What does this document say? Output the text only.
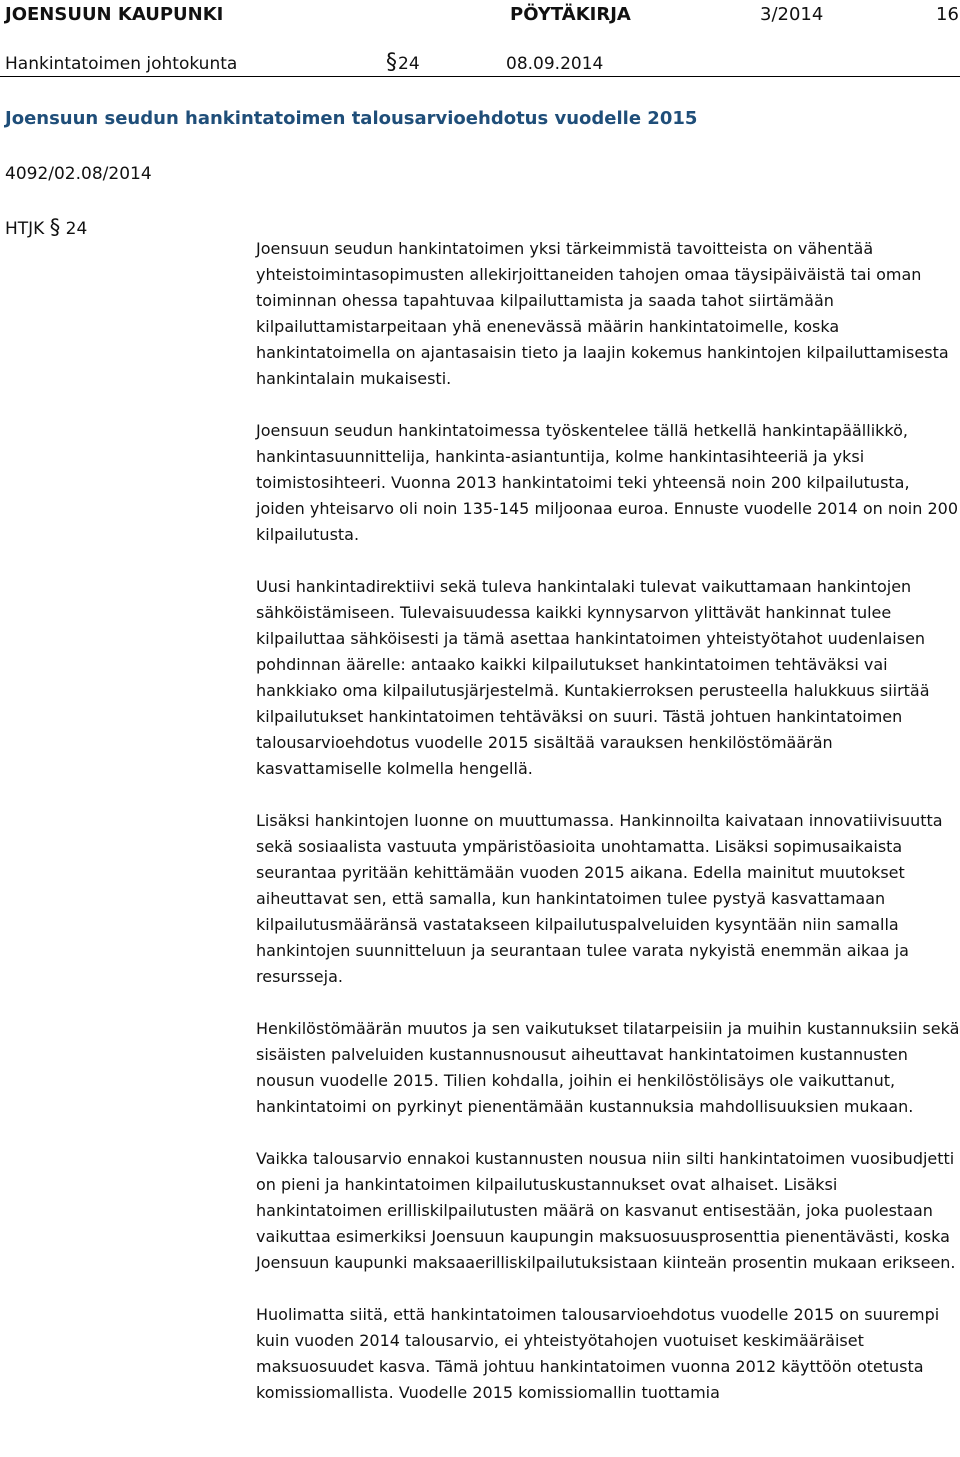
JOENSUUN KAUPUNKI	PÖYTÄKIRJA	3/2014	16
Hankintatoimen johtokunta	§ 24	08.09.2014
Joensuun seudun hankintatoimen talousarvioehdotus vuodelle 2015
4092/02.08/2014
HTJK § 24

Joensuun seudun hankintatoimen yksi tärkeimmistä tavoitteista on vähentää yhteistoimintasopimusten allekirjoittaneiden tahojen omaa täysipäiväistä tai oman toiminnan ohessa tapahtuvaa kilpailuttamista ja saada tahot siirtämään kilpailuttamistarpeitaan yhä enenevässä määrin hankintatoimelle, koska hankintatoimella on ajantasaisin tieto ja laajin kokemus hankintojen kilpailuttamisesta hankintalain mukaisesti.

Joensuun seudun hankintatoimessa työskentelee tällä hetkellä hankintapäällikkö, hankintasuunnittelija, hankinta-asiantuntija, kolme hankintasihteeriä ja yksi toimistosihteeri. Vuonna 2013 hankintatoimi teki yhteensä noin 200 kilpailutusta, joiden yhteisarvo oli noin 135-145 miljoonaa euroa. Ennuste vuodelle 2014 on noin 200 kilpailutusta.

Uusi hankintadirektiivi sekä tuleva hankintalaki tulevat vaikuttamaan hankintojen sähköistämiseen. Tulevaisuudessa kaikki kynnysarvon ylittävät hankinnat tulee kilpailuttaa sähköisesti ja tämä asettaa hankintatoimen yhteistyötahot uudenlaisen pohdinnan äärelle: antaako kaikki kilpailutukset hankintatoimen tehtäväksi vai hankkiako oma kilpailutusjärjestelmä. Kuntakierroksen perusteella halukkuus siirtää kilpailutukset hankintatoimen tehtäväksi on suuri. Tästä johtuen hankintatoimen talousarvioehdotus vuodelle 2015 sisältää varauksen henkilöstömäärän kasvattamiselle kolmella hengellä.

Lisäksi hankintojen luonne on muuttumassa. Hankinnoilta kaivataan innovatiivisuutta sekä sosiaalista vastuuta ympäristöasioita unohtamatta. Lisäksi sopimusaikaista seurantaa pyritään kehittämään vuoden 2015 aikana. Edella mainitut muutokset aiheuttavat sen, että samalla, kun hankintatoimen tulee pystyä kasvattamaan kilpailutusmääränsä vastatakseen kilpailutuspalveluiden kysyntään niin samalla hankintojen suunnitteluun ja seurantaan tulee varata nykyistä enemmän aikaa ja resursseja.

Henkilöstömäärän muutos ja sen vaikutukset tilatarpeisiin ja muihin kustannuksiin sekä sisäisten palveluiden kustannusnousut aiheuttavat hankintatoimen kustannusten nousun vuodelle 2015. Tilien kohdalla, joihin ei henkilöstölisäys ole vaikuttanut, hankintatoimi on pyrkinyt pienentämään kustannuksia mahdollisuuksien mukaan.

Vaikka talousarvio ennakoi kustannusten nousua niin silti hankintatoimen vuosibudjetti on pieni ja hankintatoimen kilpailutuskustannukset ovat alhaiset. Lisäksi hankintatoimen erilliskilpailutusten määrä on kasvanut entisestään, joka puolestaan vaikuttaa esimerkiksi Joensuun kaupungin maksuosuusprosenttia pienentävästi, koska Joensuun kaupunki maksaaerilliskilpailutuksistaan kiinteän prosentin mukaan erikseen.

Huolimatta siitä, että hankintatoimen talousarvioehdotus vuodelle 2015 on suurempi kuin vuoden 2014 talousarvio, ei yhteistyötahojen vuotuiset keskimääräiset maksuosuudet kasva. Tämä johtuu hankintatoimen vuonna 2012 käyttöön otetusta komissiomallista. Vuodelle 2015 komissiomallin tuottamia
